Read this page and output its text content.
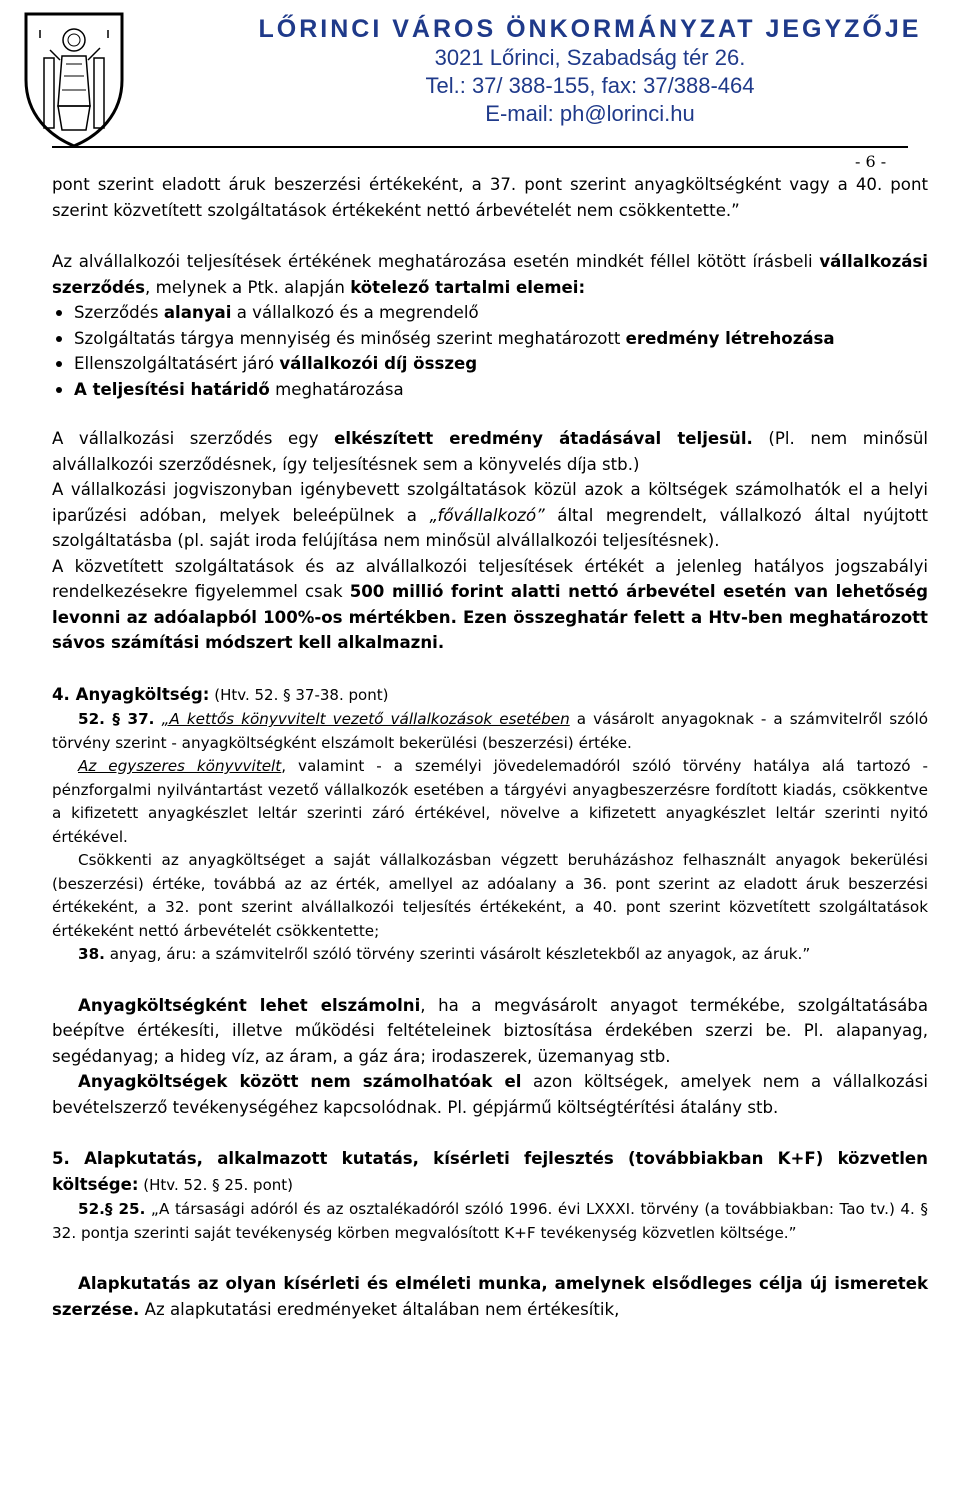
LŐRINCI VÁROS ÖNKORMÁNYZAT JEGYZŐJE
3021 Lőrinci, Szabadság tér 26.
Tel.: 37/ 388-155, fax: 37/388-464
E-mail: ph@lorinci.hu
- 6 -

pont szerint eladott áruk beszerzési értékeként, a 37. pont szerint anyagköltségként vagy a 40. pont szerint közvetített szolgáltatások értékeként nettó árbevételét nem csökkentette.”

Az alvállalkozói teljesítések értékének meghatározása esetén mindkét féllel kötött írásbeli vállalkozási szerződés, melynek a Ptk. alapján kötelező tartalmi elemei:

Szerződés alanyai a vállalkozó és a megrendelő
Szolgáltatás tárgya mennyiség és minőség szerint meghatározott eredmény létrehozása
Ellenszolgáltatásért járó vállalkozói díj összeg
A teljesítési határidő meghatározása

A vállalkozási szerződés egy elkészített eredmény átadásával teljesül. (Pl. nem minősül alvállalkozói szerződésnek, így teljesítésnek sem a könyvelés díja stb.)

A vállalkozási jogviszonyban igénybevett szolgáltatások közül azok a költségek számolhatók el a helyi iparűzési adóban, melyek beleépülnek a „fővállalkozó” által megrendelt, vállalkozó által nyújtott szolgáltatásba (pl. saját iroda felújítása nem minősül alvállalkozói teljesítésnek).

A közvetített szolgáltatások és az alvállalkozói teljesítések értékét a jelenleg hatályos jogszabályi rendelkezésekre figyelemmel csak 500 millió forint alatti nettó árbevétel esetén van lehetőség levonni az adóalapból 100%-os mértékben. Ezen összeghatár felett a Htv-ben meghatározott sávos számítási módszert kell alkalmazni.

4. Anyagköltség: (Htv. 52. § 37-38. pont)

52. § 37. „A kettős könyvvitelt vezető vállalkozások esetében a vásárolt anyagoknak - a számvitelről szóló törvény szerint - anyagköltségként elszámolt bekerülési (beszerzési) értéke.

Az egyszeres könyvvitelt, valamint - a személyi jövedelemadóról szóló törvény hatálya alá tartozó - pénzforgalmi nyilvántartást vezető vállalkozók esetében a tárgyévi anyagbeszerzésre fordított kiadás, csökkentve a kifizetett anyagkészlet leltár szerinti záró értékével, növelve a kifizetett anyagkészlet leltár szerinti nyitó értékével.

Csökkenti az anyagköltséget a saját vállalkozásban végzett beruházáshoz felhasznált anyagok bekerülési (beszerzési) értéke, továbbá az az érték, amellyel az adóalany a 36. pont szerint az eladott áruk beszerzési értékeként, a 32. pont szerint alvállalkozói teljesítés értékeként, a 40. pont szerint közvetített szolgáltatások értékeként nettó árbevételét csökkentette;

38. anyag, áru: a számvitelről szóló törvény szerinti vásárolt készletekből az anyagok, az áruk.”

Anyagköltségként lehet elszámolni, ha a megvásárolt anyagot termékébe, szolgáltatásába beépítve értékesíti, illetve működési feltételeinek biztosítása érdekében szerzi be. Pl. alapanyag, segédanyag; a hideg víz, az áram, a gáz ára; irodaszerek, üzemanyag stb.

Anyagköltségek között nem számolhatóak el azon költségek, amelyek nem a vállalkozási bevételszerző tevékenységéhez kapcsolódnak. Pl. gépjármű költségtérítési átalány stb.

5. Alapkutatás, alkalmazott kutatás, kísérleti fejlesztés (továbbiakban K+F) közvetlen költsége: (Htv. 52. § 25. pont)

52.§ 25. „A társasági adóról és az osztalékadóról szóló 1996. évi LXXXI. törvény (a továbbiakban: Tao tv.) 4. § 32. pontja szerinti saját tevékenység körben megvalósított K+F tevékenység közvetlen költsége.”

Alapkutatás az olyan kísérleti és elméleti munka, amelynek elsődleges célja új ismeretek szerzése. Az alapkutatási eredményeket általában nem értékesítik,
